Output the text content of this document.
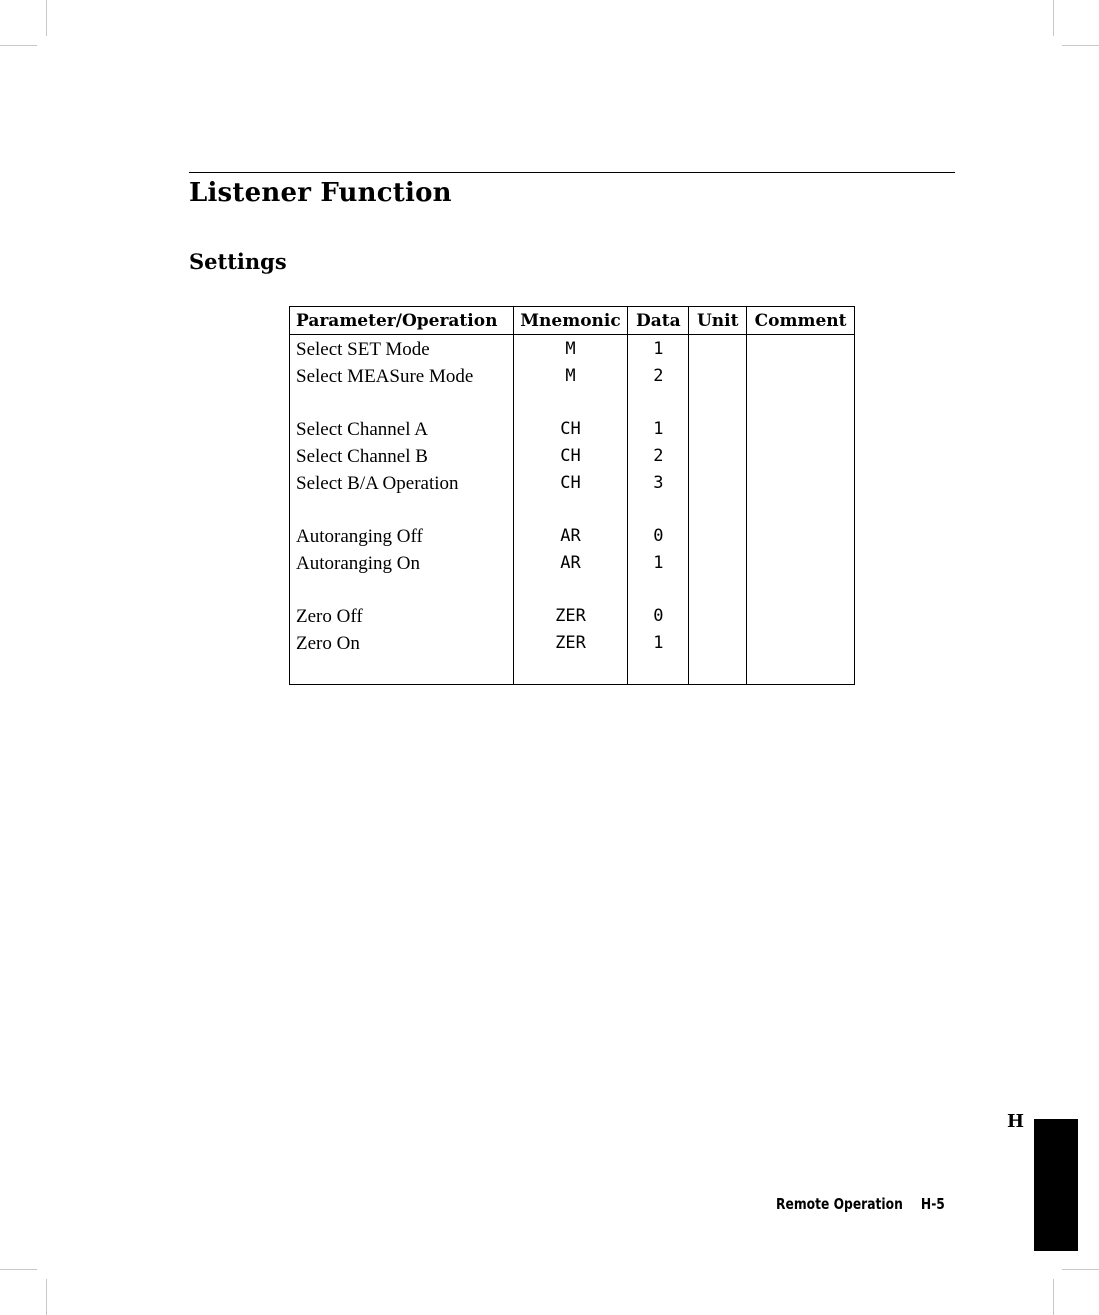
Listener Function
Settings
Parameter/Operation	Mnemonic	Data	Unit	Comment
Select SET Mode	M	1		
Select MEASure Mode	M	2		

Select Channel A	CH	1		
Select Channel B	CH	2		
Select B/A Operation	CH	3		

Autoranging Off	AR	0		
Autoranging On	AR	1		

Zero Off	ZER	0		
Zero On	ZER	1		

H

Remote Operation H-5
